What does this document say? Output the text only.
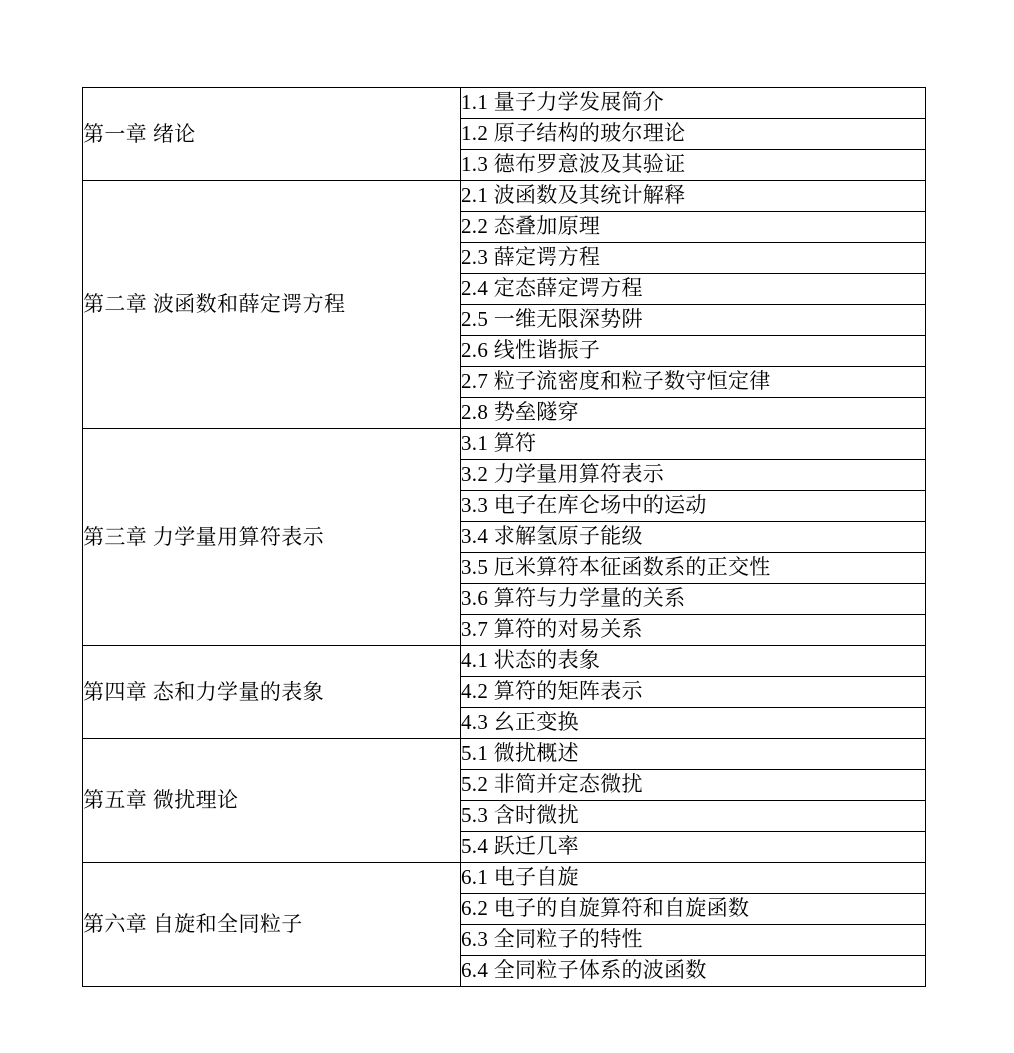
第一章 绪论	1.1 量子力学发展简介
	1.2 原子结构的玻尔理论
	1.3 德布罗意波及其验证
第二章 波函数和薛定谔方程	2.1 波函数及其统计解释
	2.2 态叠加原理
	2.3 薛定谔方程
	2.4 定态薛定谔方程
	2.5 一维无限深势阱
	2.6 线性谐振子
	2.7 粒子流密度和粒子数守恒定律
	2.8 势垒隧穿
第三章 力学量用算符表示	3.1 算符
	3.2 力学量用算符表示
	3.3 电子在库仑场中的运动
	3.4 求解氢原子能级
	3.5 厄米算符本征函数系的正交性
	3.6 算符与力学量的关系
	3.7 算符的对易关系
第四章 态和力学量的表象	4.1 状态的表象
	4.2 算符的矩阵表示
	4.3 幺正变换
第五章 微扰理论	5.1 微扰概述
	5.2 非简并定态微扰
	5.3 含时微扰
	5.4 跃迁几率
第六章 自旋和全同粒子	6.1 电子自旋
	6.2 电子的自旋算符和自旋函数
	6.3 全同粒子的特性
	6.4 全同粒子体系的波函数
